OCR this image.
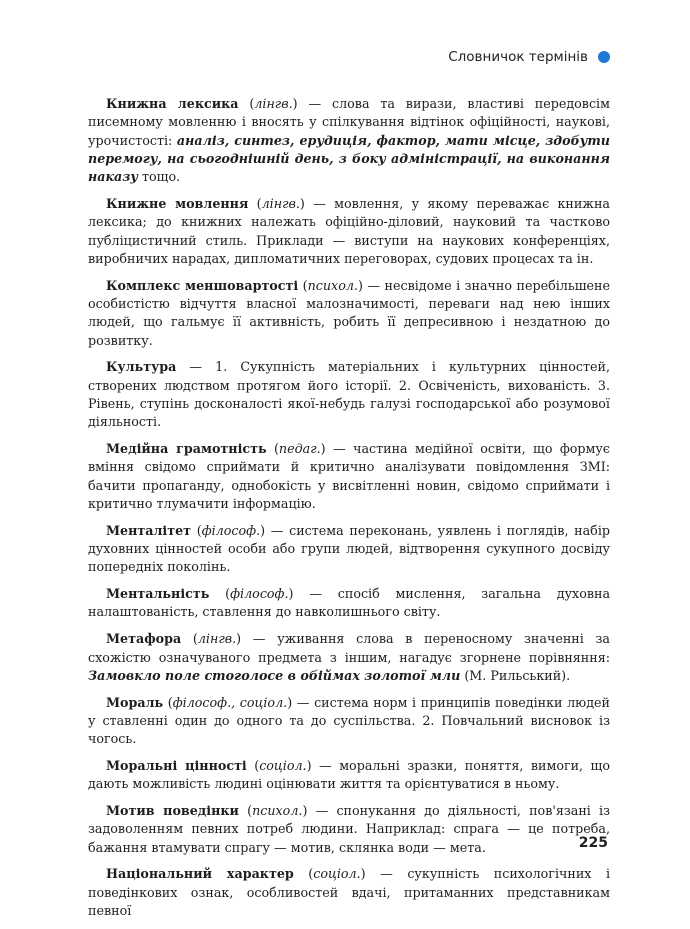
Словничок термінів

Книжна лексика (лінгв.) — слова та вирази, властиві передовсім писемному мовленню і вносять у спілкування відтінок офіційності, наукові, урочистості: аналіз, синтез, ерудиція, фактор, мати місце, здобути перемогу, на сьогоднішній день, з боку адміністрації, на виконання наказу тощо.

Книжне мовлення (лінгв.) — мовлення, у якому переважає книжна лексика; до книжних належать офіційно-діловий, науковий та частково публіцистичний стиль. Приклади — виступи на наукових конференціях, виробничих нарадах, дипломатичних переговорах, судових процесах та ін.

Комплекс меншовартості (психол.) — несвідоме і значно перебільшене особистістю відчуття власної малозначимості, переваги над нею інших людей, що гальмує її активність, робить її депресивною і нездатною до розвитку.

Культура — 1. Сукупність матеріальних і культурних цінностей, створених людством протягом його історії. 2. Освіченість, вихованість. 3. Рівень, ступінь досконалості якої-небудь галузі господарської або розумової діяльності.

Медійна грамотність (педаг.) — частина медійної освіти, що формує вміння свідомо сприймати й критично аналізувати повідомлення ЗМІ: бачити пропаганду, однобокість у висвітленні новин, свідомо сприймати і критично тлумачити інформацію.

Менталітет (філософ.) — система переконань, уявлень і поглядів, набір духовних цінностей особи або групи людей, відтворення сукупного досвіду попередніх поколінь.

Ментальність (філософ.) — спосіб мислення, загальна духовна налаштованість, ставлення до навколишнього світу.

Метафора (лінгв.) — уживання слова в переносному значенні за схожістю означуваного предмета з іншим, нагадує згорнене порівняння: Замовкло поле стоголосе в обіймах золотої мли (М. Рильський).

Мораль (філософ., соціол.) — система норм і принципів поведінки людей у ставленні один до одного та до суспільства. 2. Повчальний висновок із чогось.

Моральні цінності (соціол.) — моральні зразки, поняття, вимоги, що дають можливість людині оцінювати життя та орієнтуватися в ньому.

Мотив поведінки (психол.) — спонукання до діяльності, пов'язані із задоволенням певних потреб людини. Наприклад: спрага — це потреба, бажання втамувати спрагу — мотив, склянка води — мета.

Національний характер (соціол.) — сукупність психологічних і поведінкових ознак, особливостей вдачі, притаманних представникам певної

225
